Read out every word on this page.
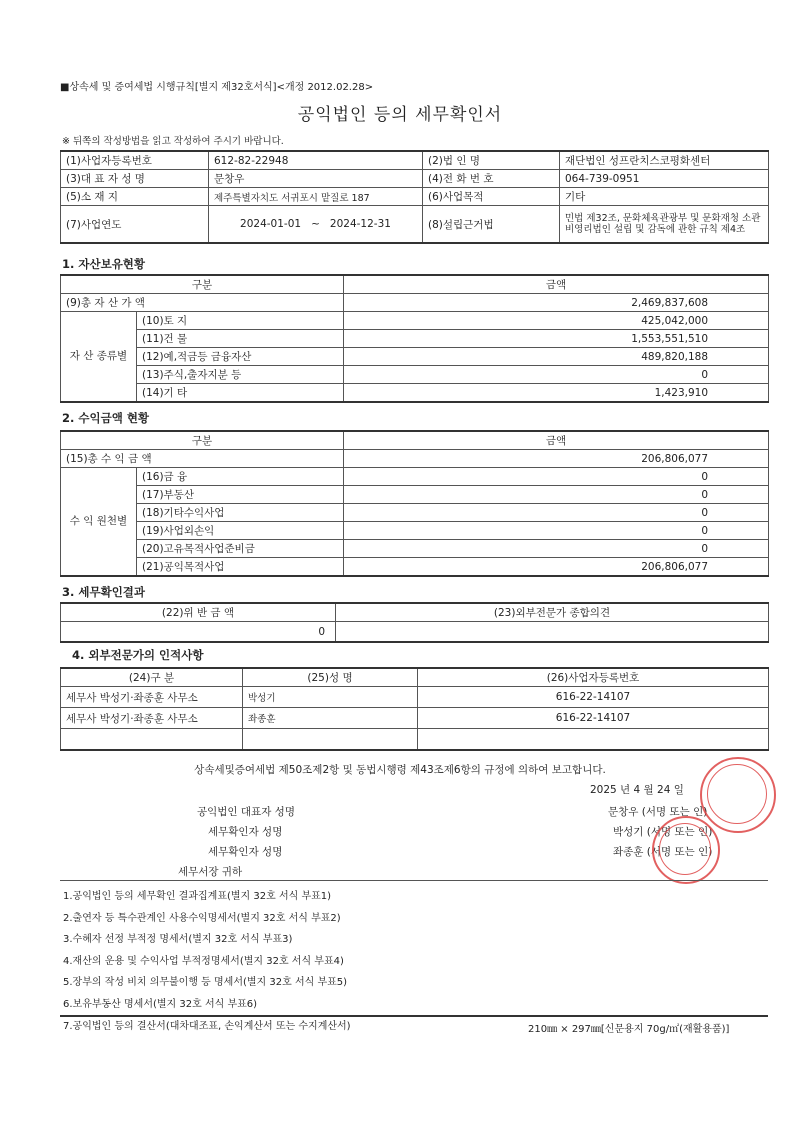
■상속세 및 증여세법 시행규칙[별지 제32호서식]<개정 2012.02.28>
공익법인 등의 세무확인서
※ 뒤쪽의 작성방법을 읽고 작성하여 주시기 바랍니다.
(1)사업자등록번호	612-82-22948	(2)법 인 명	재단법인 성프란치스코평화센터
(3)대 표 자 성 명	문창우	(4)전 화 번 호	064-739-0951
(5)소 재 지	제주특별자치도 서귀포시 맡질로 187	(6)사업목적	기타
(7)사업연도	2024-01-01 ~ 2024-12-31	(8)설립근거법	민법 제32조, 문화체육관광부 및 문화재청 소관 비영리법인 설립 및 감독에 관한 규칙 제4조
1. 자산보유현황
구분		금액
(9)총 자 산 가 액		2,469,837,608
자 산 종류별	(10)토 지	425,042,000
	(11)건 물	1,553,551,510
	(12)예,적금등 금융자산	489,820,188
	(13)주식,출자지분 등	0
	(14)기 타	1,423,910
2. 수익금액 현황
구분		금액
(15)총 수 익 금 액		206,806,077
수 익 원천별	(16)금 융	0
	(17)부동산	0
	(18)기타수익사업	0
	(19)사업외손익	0
	(20)고유목적사업준비금	0
	(21)공익목적사업	206,806,077
3. 세무확인결과
(22)위 반 금 액	(23)외부전문가 종합의견
0	
4. 외부전문가의 인적사항
(24)구 분	(25)성 명	(26)사업자등록번호
세무사 박성기·좌종훈 사무소	박성기	616-22-14107
세무사 박성기·좌종훈 사무소	좌종훈	616-22-14107

상속세및증여세법 제50조제2항 및 동법시행령 제43조제6항의 규정에 의하여 보고합니다.
2025 년 4 월 24 일
공익법인 대표자 성명	문창우 (서명 또는 인)
세무확인자 성명	박성기 (서명 또는 인)
세무확인자 성명	좌종훈 (서명 또는 인)
세무서장 귀하
1.공익법인 등의 세무확인 결과집계표(별지 32호 서식 부표1)
2.출연자 등 특수관계인 사용수익명세서(별지 32호 서식 부표2)
3.수혜자 선정 부적정 명세서(별지 32호 서식 부표3)
4.재산의 운용 및 수익사업 부적정명세서(별지 32호 서식 부표4)
5.장부의 작성 비치 의무불이행 등 명세서(별지 32호 서식 부표5)
6.보유부동산 명세서(별지 32호 서식 부표6)
7.공익법인 등의 결산서(대차대조표, 손익계산서 또는 수지계산서)	210㎜ × 297㎜[신문용지 70g/㎡(재활용품)]
